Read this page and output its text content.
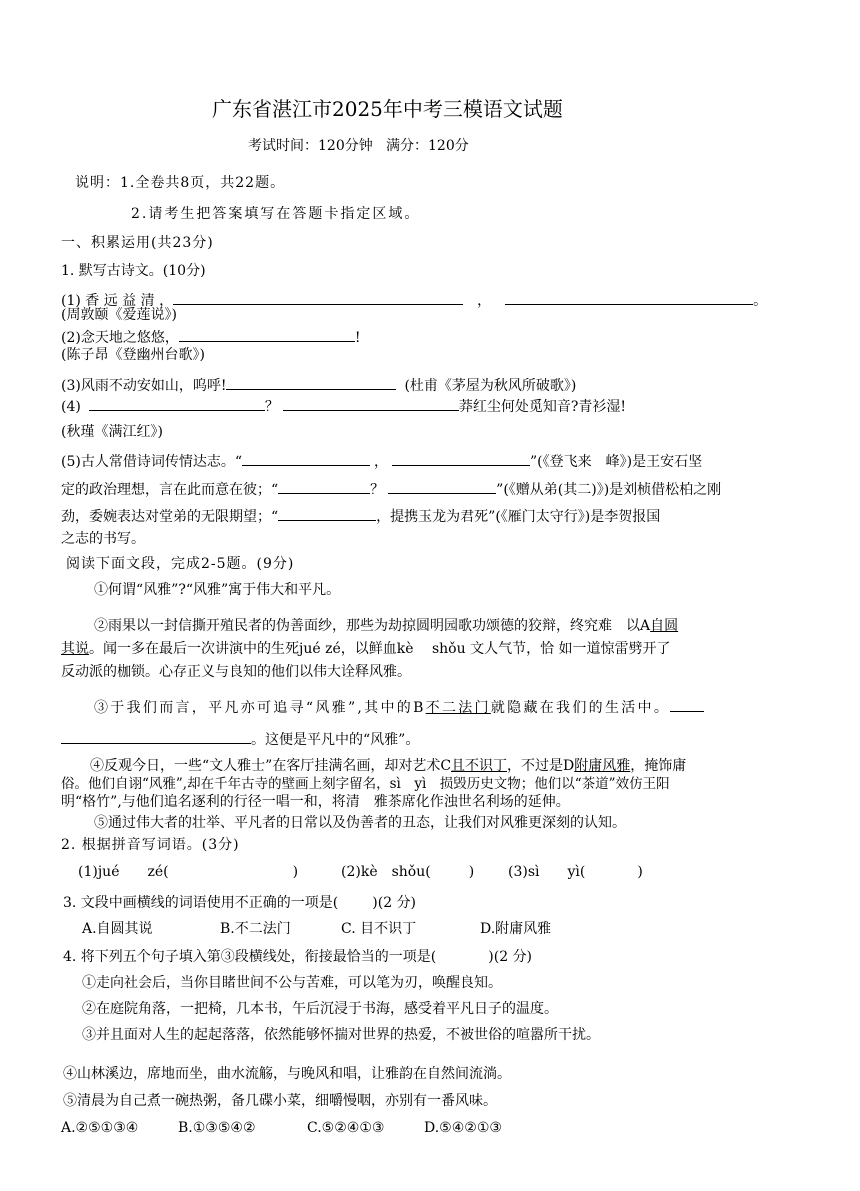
广东省湛江市2025年中考三模语文试题
考试时间：120分钟 满分：120分
说明：1.全卷共8页，共22题。
2.请考生把答案填写在答题卡指定区域。
一、积累运用(共23分)
1. 默写古诗文。(10分)
(1) 香 远 益 清 ，	，	。
(周敦颐《爱莲说》)
(2)念天地之悠悠，	!
(陈子昂《登幽州台歌》)
(3)风雨不动安如山，呜呼!	(杜甫《茅屋为秋风所破歌》)
(4)	？	莽红尘何处觅知音?青衫湿!
(秋瑾《满江红》)
(5)古人常借诗词传情达志。“	，	”(《登飞来　峰》)是王安石坚
定的政治理想，言在此而意在彼；“	？	”(《赠从弟(其二)》)是刘桢借松柏之刚
劲，委婉表达对堂弟的无限期望；“	，提携玉龙为君死”(《雁门太守行》)是李贺报国
之志的书写。
阅读下面文段，完成2-5题。(9分)
①何谓“风雅”?“风雅”寓于伟大和平凡。
②雨果以一封信撕开殖民者的伪善面纱，那些为劫掠圆明园歌功颂德的狡辩，终究难　以A自圆
其说。闻一多在最后一次讲演中的生死jué zé，以鲜血kè　 shǒu 文人气节，恰 如一道惊雷劈开了
反动派的枷锁。心存正义与良知的他们以伟大诠释风雅。
③于我们而言，平凡亦可追寻“风雅”,其中的B不二法门就隐藏在我们的生活中。
。这便是平凡中的“风雅”。
④反观今日，一些“文人雅士”在客厅挂满名画，却对艺术C且不识丁，不过是D附庸风雅，掩饰庸
俗。他们自诩“风雅”,却在千年古寺的壁画上刻字留名，sì　yì　损毁历史文物；他们以“茶道”效仿王阳
明“格竹”,与他们追名逐利的行径一唱一和，将清　雅茶席化作浊世名利场的延伸。
⑤通过伟大者的壮举、平凡者的日常以及伪善者的丑态，让我们对风雅更深刻的认知。
2. 根据拼音写词语。(3分)
(1)jué　　zé(	)	(2)kè　shǒu(	) (3)sì　　yì(	)
3. 文段中画横线的词语使用不正确的一项是( )(2 分)
A.自圆其说	B.不二法门	C. 目不识丁	D.附庸风雅
4. 将下列五个句子填入第③段横线处，衔接最恰当的一项是(	)(2 分)
①走向社会后，当你目睹世间不公与苦难，可以笔为刃，唤醒良知。
②在庭院角落，一把椅，几本书，午后沉浸于书海，感受着平凡日子的温度。
③并且面对人生的起起落落，依然能够怀揣对世界的热爱，不被世俗的喧嚣所干扰。
④山林溪边，席地而坐，曲水流觞，与晚风和唱，让雅韵在自然间流淌。
⑤清晨为自己煮一碗热粥，备几碟小菜，细嚼慢咽，亦别有一番风味。
A.②⑤①③④	B.①③⑤④②	C.⑤②④①③	D.⑤④②①③
